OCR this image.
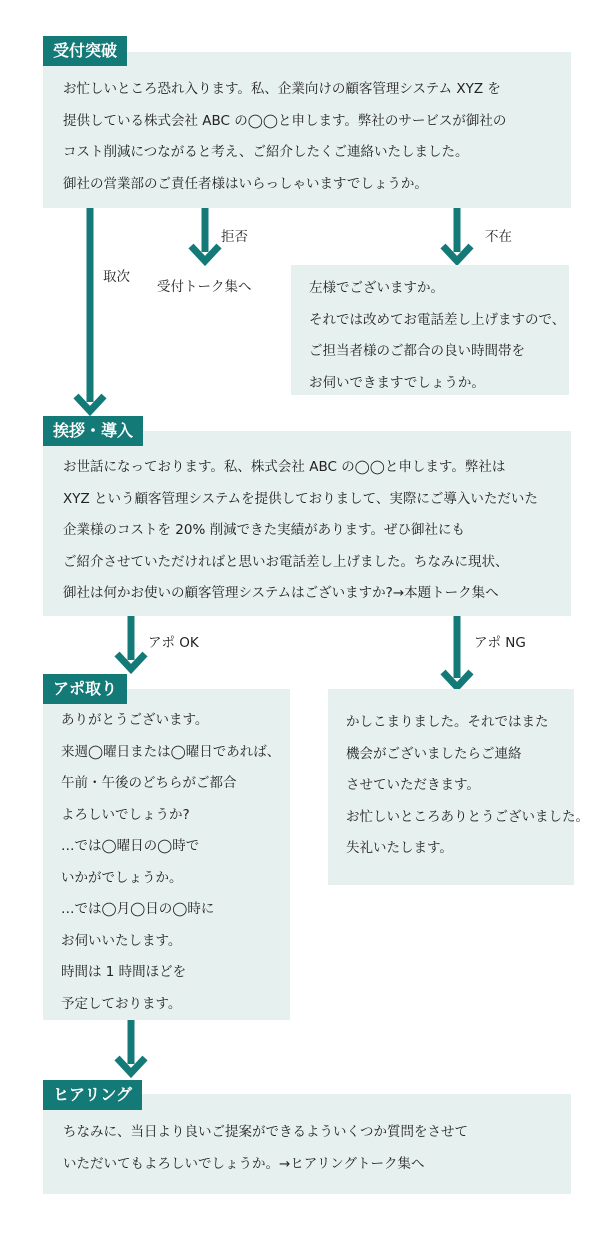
お忙しいところ恐れ入ります。私、企業向けの顧客管理システム XYZ を
提供している株式会社 ABC の◯◯と申します。弊社のサービスが御社の
コスト削減につながると考え、ご紹介したくご連絡いたしました。
御社の営業部のご責任者様はいらっしゃいますでしょうか。
受付突破
取次
拒否
受付トーク集へ
不在
左様でございますか。
それでは改めてお電話差し上げますので、
ご担当者様のご都合の良い時間帯を
お伺いできますでしょうか。
お世話になっております。私、株式会社 ABC の◯◯と申します。弊社は
XYZ という顧客管理システムを提供しておりまして、実際にご導入いただいた
企業様のコストを 20% 削減できた実績があります。ぜひ御社にも
ご紹介させていただければと思いお電話差し上げました。ちなみに現状、
御社は何かお使いの顧客管理システムはございますか?→本題トーク集へ
挨拶・導入
アポ OK	アポ NG
ありがとうございます。
来週◯曜日または◯曜日であれば、
午前・午後のどちらがご都合
よろしいでしょうか?
…では◯曜日の◯時で
いかがでしょうか。
…では◯月◯日の◯時に
お伺いいたします。
時間は 1 時間ほどを
予定しております。
アポ取り
かしこまりました。それではまた
機会がございましたらご連絡
させていただきます。
お忙しいところありとうございました。
失礼いたします。
ちなみに、当日より良いご提案ができるよういくつか質問をさせて
いただいてもよろしいでしょうか。→ヒアリングトーク集へ
ヒアリング
